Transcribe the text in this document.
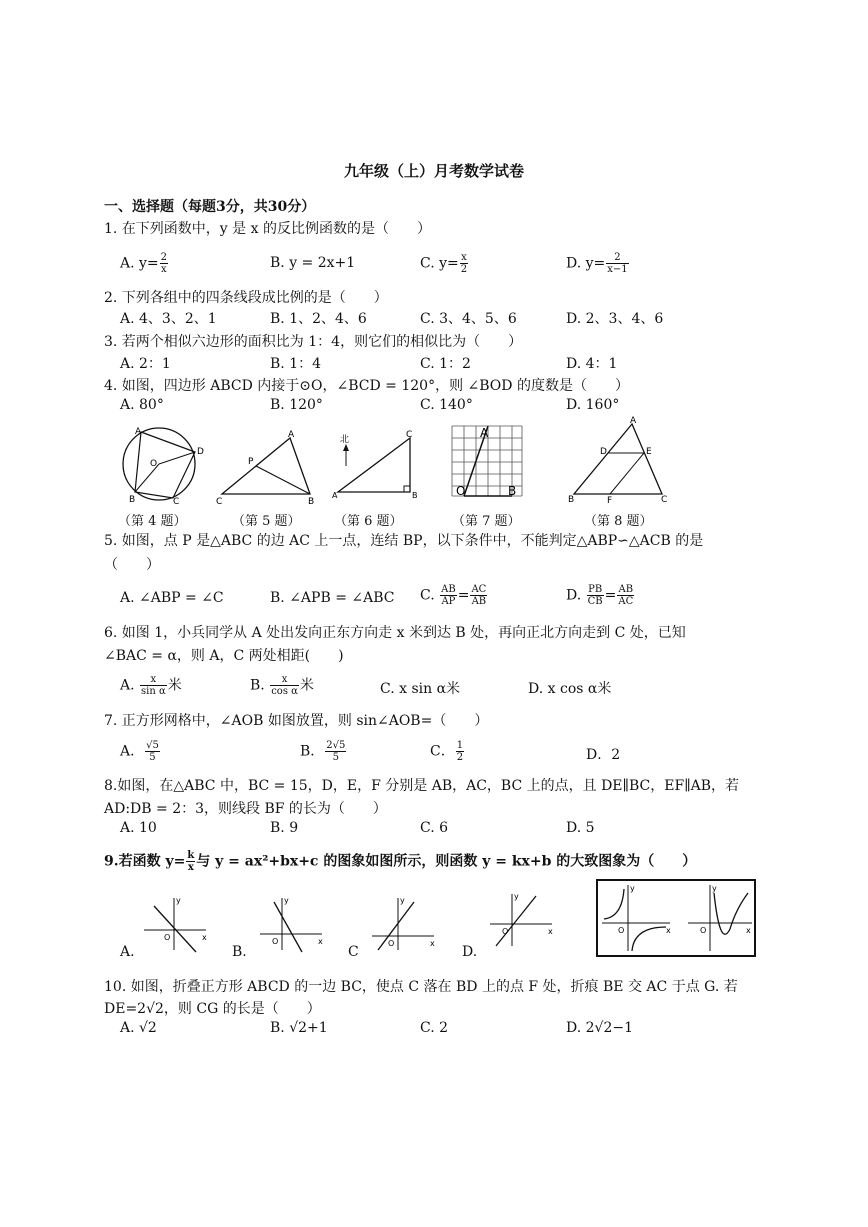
九年级（上）月考数学试卷
一、选择题（每题3分，共30分）
1. 在下列函数中，y 是 x 的反比例函数的是（　　）
A. $y= \frac{2}{x}$	B. y = 2x+1	C. $y= \frac{x}{2}$	D. $y= \frac{2}{x-1}$
2. 下列各组中的四条线段成比例的是（　　）
A. 4、3、2、1	B. 1、2、4、6	C. 3、4、5、6	D. 2、3、4、6
3. 若两个相似六边形的面积比为 1：4，则它们的相似比为（　　）
A. 2：1	B. 1：4	C. 1：2	D. 4：1
4. 如图，四边形 ABCD 内接于⊙O，∠BCD = 120°，则 ∠BOD 的度数是（　　）
A. 80°	B. 120°	C. 140°	D. 160°
A
D
O
B	C
A
P
C	B
北	C
A	B
A
O	B
A
D	E
B	F	C
（第 4 题）	（第 5 题）	（第 6 题）	（第 7 题）	（第 8 题）
5. 如图，点 P 是△ABC 的边 AC 上一点，连结 BP，以下条件中，不能判定△ABP∽△ACB 的是
（　　）
A. ∠ABP = ∠C	B. ∠APB = ∠ABC C. $\frac{AB}{AP} = \frac{AC}{AB}$	D. $\frac{PB}{CB} = \frac{AB}{AC}$
6. 如图 1，小兵同学从 A 处出发向正东方向走 x 米到达 B 处，再向正北方向走到 C 处，已知
∠BAC = α，则 A，C 两处相距(　　)
A. $\frac{x}{\text{sin α}}$ 米	B. $\frac{x}{\text{cos α}}$ 米	C. x sin α米	D. x cos α米
7. 正方形网格中，∠AOB 如图放置，则 sin∠AOB=（　　）
A． $\frac{√5}{5}$	B． $\frac{2√5}{5}$	C． $\frac{1}{2}$	D．2
8.如图，在△ABC 中，BC = 15，D，E，F 分别是 AB，AC，BC 上的点，且 DE∥BC，EF∥AB，若
AD:DB = 2：3，则线段 BF 的长为（　　）
A. 10	B. 9	C. 6	D. 5
9.若函数 $y= \frac{k}{x}$ 与 y = ax²+bx+c 的图象如图所示，则函数 y = kx+b 的大致图象为（　　）
O	x
y
O	x
y
O	x
y
O	x
y
A.	B.	C	D.
O	x
y
O	x
y
10. 如图，折叠正方形 ABCD 的一边 BC，使点 C 落在 BD 上的点 F 处，折痕 BE 交 AC 于点 G. 若
DE=2√2，则 CG 的长是（　　）
A. √2	B. √2+1	C. 2	D. 2√2−1
